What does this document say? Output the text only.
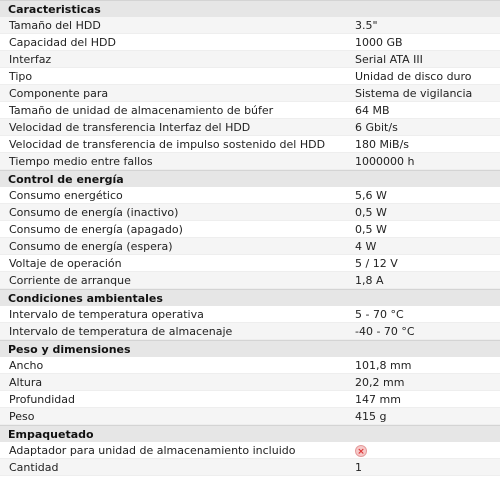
Caracteristicas
Tamaño del HDD	3.5"
Capacidad del HDD	1000 GB
Interfaz	Serial ATA III
Tipo	Unidad de disco duro
Componente para	Sistema de vigilancia
Tamaño de unidad de almacenamiento de búfer	64 MB
Velocidad de transferencia Interfaz del HDD	6 Gbit/s
Velocidad de transferencia de impulso sostenido del HDD	180 MiB/s
Tiempo medio entre fallos	1000000 h
Control de energía
Consumo energético	5,6 W
Consumo de energía (inactivo)	0,5 W
Consumo de energía (apagado)	0,5 W
Consumo de energía (espera)	4 W
Voltaje de operación	5 / 12 V
Corriente de arranque	1,8 A
Condiciones ambientales
Intervalo de temperatura operativa	5 - 70 °C
Intervalo de temperatura de almacenaje	-40 - 70 °C
Peso y dimensiones
Ancho	101,8 mm
Altura	20,2 mm
Profundidad	147 mm
Peso	415 g
Empaquetado
Adaptador para unidad de almacenamiento incluido	×
Cantidad	1
